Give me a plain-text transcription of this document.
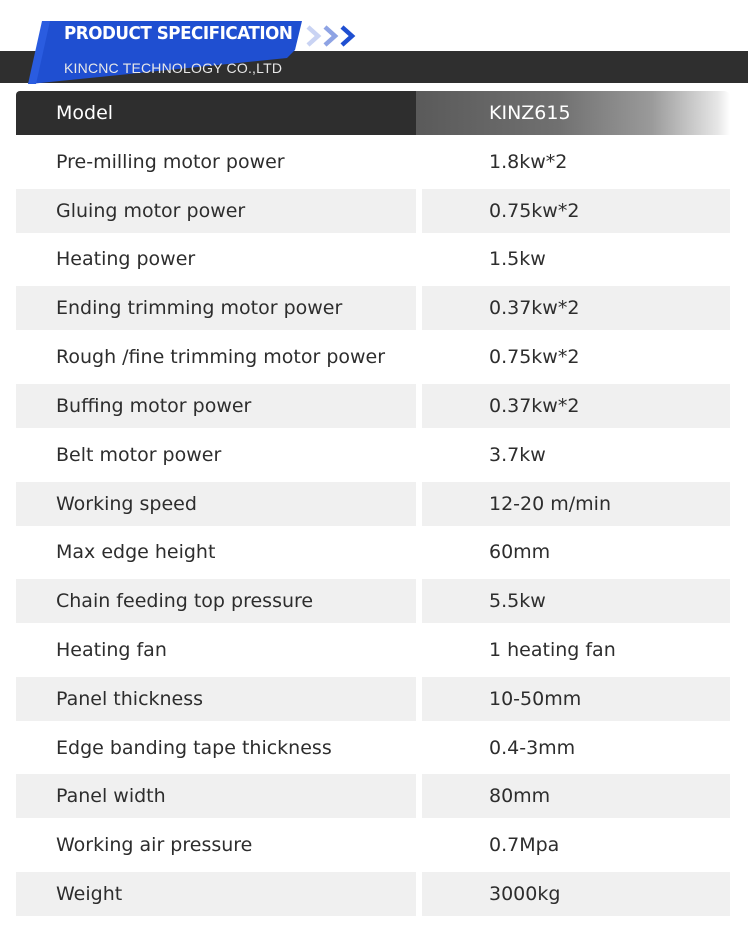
PRODUCT SPECIFICATION
KINCNC TECHNOLOGY CO.,LTD
Model	KINZ615
Pre-milling motor power	1.8kw*2
Gluing motor power	0.75kw*2
Heating power	1.5kw
Ending trimming motor power	0.37kw*2
Rough /fine trimming motor power	0.75kw*2
Buffing motor power	0.37kw*2
Belt motor power	3.7kw
Working speed	12-20 m/min
Max edge height	60mm
Chain feeding top pressure	5.5kw
Heating fan	1 heating fan
Panel thickness	10-50mm
Edge banding tape thickness	0.4-3mm
Panel width	80mm
Working air pressure	0.7Mpa
Weight	3000kg
